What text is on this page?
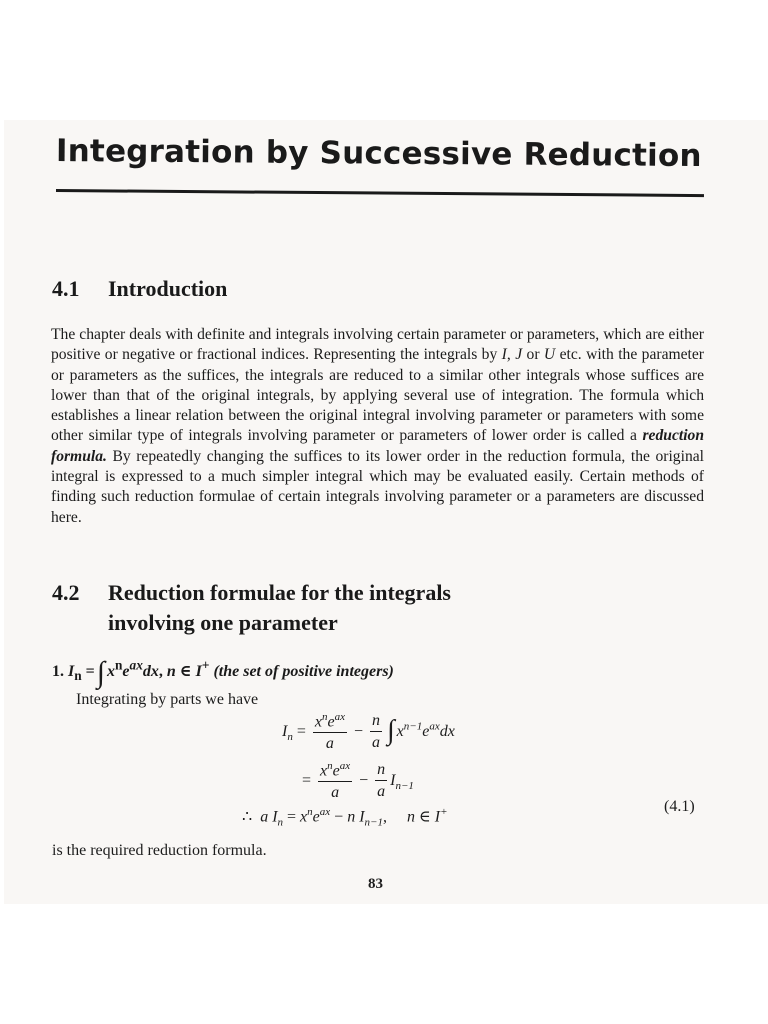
Integration by Successive Reduction
4.1 Introduction

The chapter deals with definite and integrals involving certain parameter or parameters, which are either positive or negative or fractional indices. Representing the integrals by I, J or U etc. with the parameter or parameters as the suffices, the integrals are reduced to a similar other integrals whose suffices are lower than that of the original integrals, by applying several use of integration. The formula which establishes a linear relation between the original integral involving parameter or parameters with some other similar type of integrals involving parameter or parameters of lower order is called a reduction formula. By repeatedly changing the suffices to its lower order in the reduction formula, the original integral is expressed to a much simpler integral which may be evaluated easily. Certain methods of finding such reduction formulae of certain integrals involving parameter or a parameters are discussed here.

4.2 Reduction formulae for the integrals
involving one parameter
1. $I_n$ =∫ $x^ne^{ax}dx$, n ∈ I+ (the set of positive integers)
Integrating by parts we have
$I_n = \frac{x^ne^{ax}}{a} - \frac{n}{a}$ ∫ $x^{n-1}e^{ax}dx$
= $\frac{x^ne^{ax}}{a} - \frac{n}{a} I_{n-1}$
∴  a $I_n = x^ne^{ax} - n$ $I_{n-1}$,     n ∈ I+	(4.1)
is the required reduction formula.
83
